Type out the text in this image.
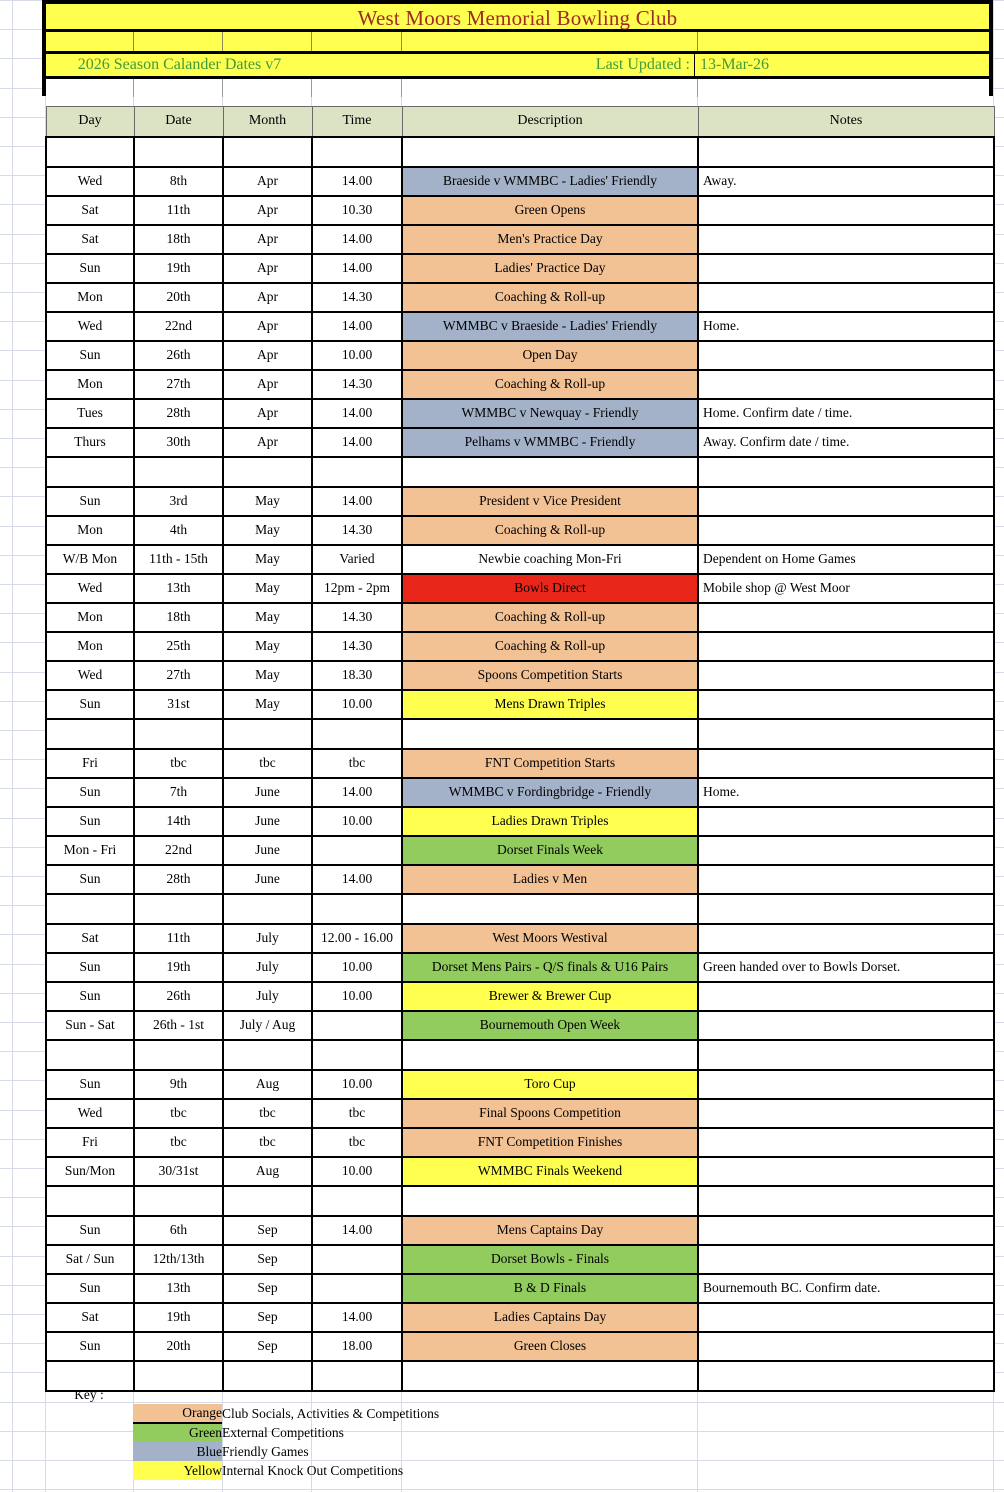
West Moors Memorial Bowling Club
2026 Season Calander Dates v7	Last Updated : 13-Mar-26
Day	Date	Month	Time	Description	Notes

Wed	8th	Apr	14.00	Braeside v WMMBC - Ladies' Friendly	Away.
Sat	11th	Apr	10.30	Green Opens	
Sat	18th	Apr	14.00	Men's Practice Day	
Sun	19th	Apr	14.00	Ladies' Practice Day	
Mon	20th	Apr	14.30	Coaching & Roll-up	
Wed	22nd	Apr	14.00	WMMBC v Braeside - Ladies' Friendly	Home.
Sun	26th	Apr	10.00	Open Day	
Mon	27th	Apr	14.30	Coaching & Roll-up	
Tues	28th	Apr	14.00	WMMBC v Newquay - Friendly	Home. Confirm date / time.
Thurs	30th	Apr	14.00	Pelhams v WMMBC - Friendly	Away. Confirm date / time.

Sun	3rd	May	14.00	President v Vice President	
Mon	4th	May	14.30	Coaching & Roll-up	
W/B Mon	11th - 15th	May	Varied	Newbie coaching Mon-Fri	Dependent on Home Games
Wed	13th	May	12pm - 2pm	Bowls Direct	Mobile shop @ West Moor
Mon	18th	May	14.30	Coaching & Roll-up	
Mon	25th	May	14.30	Coaching & Roll-up	
Wed	27th	May	18.30	Spoons Competition Starts	
Sun	31st	May	10.00	Mens Drawn Triples	

Fri	tbc	tbc	tbc	FNT Competition Starts	
Sun	7th	June	14.00	WMMBC v Fordingbridge - Friendly	Home.
Sun	14th	June	10.00	Ladies Drawn Triples	
Mon - Fri	22nd	June		Dorset Finals Week	
Sun	28th	June	14.00	Ladies v Men	

Sat	11th	July	12.00 - 16.00	West Moors Westival	
Sun	19th	July	10.00	Dorset Mens Pairs - Q/S finals & U16 Pairs	Green handed over to Bowls Dorset.
Sun	26th	July	10.00	Brewer & Brewer Cup	
Sun - Sat	26th - 1st	July / Aug		Bournemouth Open Week	

Sun	9th	Aug	10.00	Toro Cup	
Wed	tbc	tbc	tbc	Final Spoons Competition	
Fri	tbc	tbc	tbc	FNT Competition Finishes	
Sun/Mon	30/31st	Aug	10.00	WMMBC Finals Weekend	

Sun	6th	Sep	14.00	Mens Captains Day	
Sat / Sun	12th/13th	Sep		Dorset Bowls - Finals	
Sun	13th	Sep		B & D Finals	Bournemouth BC. Confirm date.
Sat	19th	Sep	14.00	Ladies Captains Day	
Sun	20th	Sep	18.00	Green Closes	

Key :		
	Orange	Club Socials, Activities & Competitions
	Green	External Competitions
	Blue	Friendly Games
	Yellow	Internal Knock Out Competitions
